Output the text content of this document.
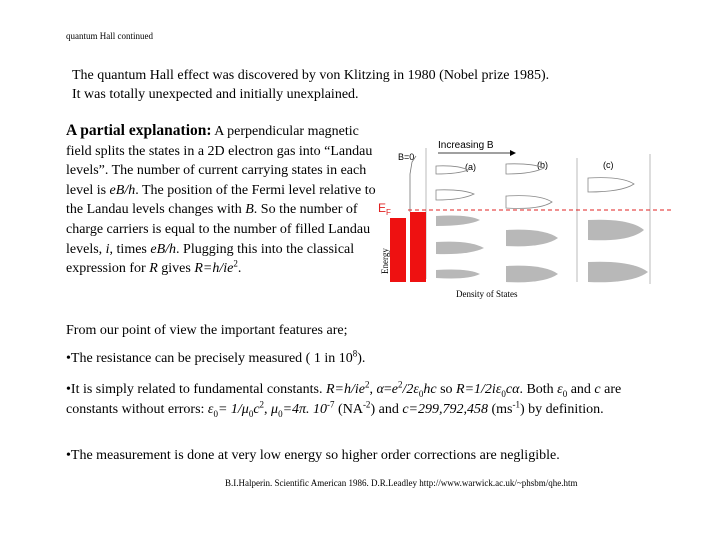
quantum Hall continued
The quantum Hall effect was discovered by von Klitzing in 1980 (Nobel prize 1985).
It was totally unexpected and initially unexplained.
A partial explanation: A perpendicular magnetic field splits the states in a 2D electron gas into “Landau levels”. The number of current carrying states in each level is eB/h. The position of the Fermi level relative to the Landau levels changes with B. So the number of charge carriers is equal to the number of filled Landau levels, i, times eB/h. Plugging this into the classical expression for R gives $R=h/ie^2$.	Energy
$E_F$
Increasing B
B=0
(a)	(b)	(c)
Density of States
From our point of view the important features are;
•The resistance can be precisely measured ( 1 in $10^8$).
•It is simply related to fundamental constants. $R=h/ie^2$, $\alpha=e^2/2\varepsilon_0hc$ so $R=1/2i\varepsilon_0c\alpha$. Both $\varepsilon_0$ and c are constants without errors: $\varepsilon_0= 1/\mu_0c^2$, $\mu_0=4\pi$. $10^{-7}$ $(NA^{-2})$ and c=299,792,458 $(ms^{-1})$ by definition.
•The measurement is done at very low energy so higher order corrections are negligible.
B.I.Halperin. Scientific American 1986. D.R.Leadley http://www.warwick.ac.uk/~phsbm/qhe.htm
